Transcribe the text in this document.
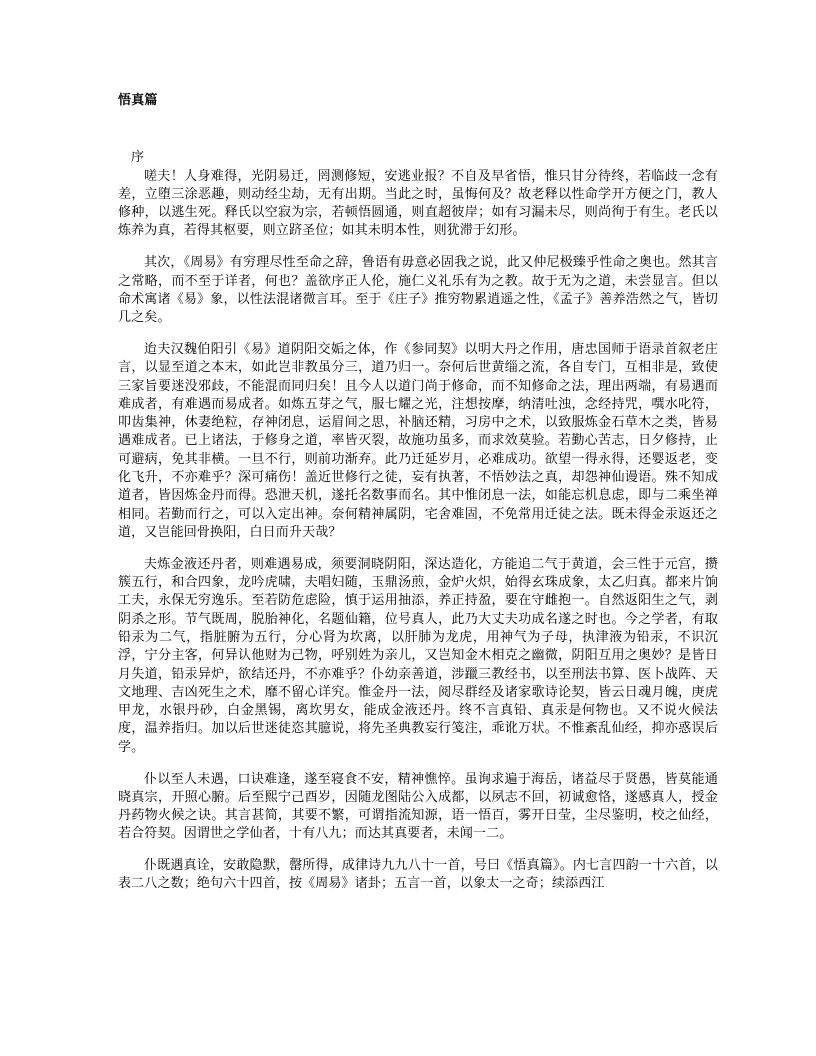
悟真篇
序

嗟夫！人身难得，光阴易迁，罔测修短，安逃业报？不自及早省悟，惟只甘分待终，若临歧一念有差，立堕三涂恶趣，则动经尘劫，无有出期。当此之时，虽悔何及？故老释以性命学开方便之门，教人修种，以逃生死。释氏以空寂为宗，若顿悟圆通，则直超彼岸；如有习漏未尽，则尚徇于有生。老氏以炼养为真，若得其枢要，则立跻圣位；如其未明本性，则犹滞于幻形。

其次，《周易》有穷理尽性至命之辞，鲁语有毋意必固我之说，此又仲尼极臻乎性命之奥也。然其言之常略，而不至于详者，何也？盖欲序正人伦，施仁义礼乐有为之教。故于无为之道，未尝显言。但以命术寓诸《易》象，以性法混诸微言耳。至于《庄子》推穷物累逍遥之性，《孟子》善养浩然之气，皆切几之矣。

迨夫汉魏伯阳引《易》道阴阳交姤之体，作《参同契》以明大丹之作用，唐忠国师于语录首叙老庄言，以显至道之本末，如此岂非教虽分三，道乃归一。奈何后世黄缁之流，各自专门，互相非是，致使三家旨要迷没邪歧，不能混而同归矣！且今人以道门尚于修命，而不知修命之法，理出两端，有易遇而难成者，有难遇而易成者。如炼五芽之气，服七耀之光，注想按摩，纳清吐浊，念经持咒，噀水叱符，叩齿集神，休妻绝粒，存神闭息，运眉间之思，补脑还精，习房中之术，以致服炼金石草木之类，皆易遇难成者。已上诸法，于修身之道，率皆灭裂，故施功虽多，而求效莫验。若勤心苦志，日夕修持，止可避病，免其非横。一旦不行，则前功渐弃。此乃迁延岁月，必难成功。欲望一得永得，还婴返老，变化飞升，不亦难乎？深可痛伤！盖近世修行之徒，妄有执著，不悟妙法之真，却怨神仙谩语。殊不知成道者，皆因炼金丹而得。恐泄天机，遂托名数事而名。其中惟闭息一法，如能忘机息虑，即与二乘坐禅相同。若勤而行之，可以入定出神。奈何精神属阴，宅舍难固，不免常用迁徒之法。既未得金汞返还之道，又岂能回骨换阳，白日而升天哉？

夫炼金液还丹者，则难遇易成，须要洞晓阴阳，深达造化，方能追二气于黄道，会三性于元宫，攒簇五行，和合四象，龙吟虎啸，夫唱妇随，玉鼎汤煎，金炉火炽，始得玄珠成象，太乙归真。都来片饷工夫，永保无穷逸乐。至若防危虑险，慎于运用抽添，养正持盈，要在守雌抱一。自然返阳生之气，剥阴杀之形。节气既周，脱胎神化，名题仙籍，位号真人，此乃大丈夫功成名遂之时也。今之学者，有取铅汞为二气，指脏腑为五行，分心肾为坎离，以肝肺为龙虎，用神气为子母，执津液为铅汞，不识沉浮，宁分主客，何异认他财为己物，呼别姓为亲儿，又岂知金木相克之幽微，阴阳互用之奥妙？是皆日月失道，铅汞异炉，欲结还丹，不亦难乎？仆幼亲善道，涉躐三教经书，以至刑法书算、医卜战阵、天文地理、吉凶死生之术，靡不留心详究。惟金丹一法，阅尽群经及诸家歌诗论契，皆云日魂月魄，庚虎甲龙，水银丹砂，白金黑锡，离坎男女，能成金液还丹。终不言真铅、真汞是何物也。又不说火候法度，温养指归。加以后世迷徒恣其臆说，将先圣典教妄行笺注，乖讹万状。不惟紊乱仙经，抑亦惑误后学。

仆以至人未遇，口诀难逢，遂至寝食不安，精神憔悴。虽询求遍于海岳，诸益尽于贤愚，皆莫能通晓真宗，开照心腑。后至熙宁己酉岁，因随龙图陆公入成都，以夙志不回，初诚愈恪，遂感真人，授金丹药物火候之诀。其言甚简，其要不繁，可谓指流知源，语一悟百，雾开日莹，尘尽鉴明，校之仙经，若合符契。因谓世之学仙者，十有八九；而达其真要者，未闻一二。

仆既遇真诠，安敢隐默，罄所得，成律诗九九八十一首，号曰《悟真篇》。内七言四韵一十六首，以表二八之数；绝句六十四首，按《周易》诸卦；五言一首，以象太一之奇；续添西江
